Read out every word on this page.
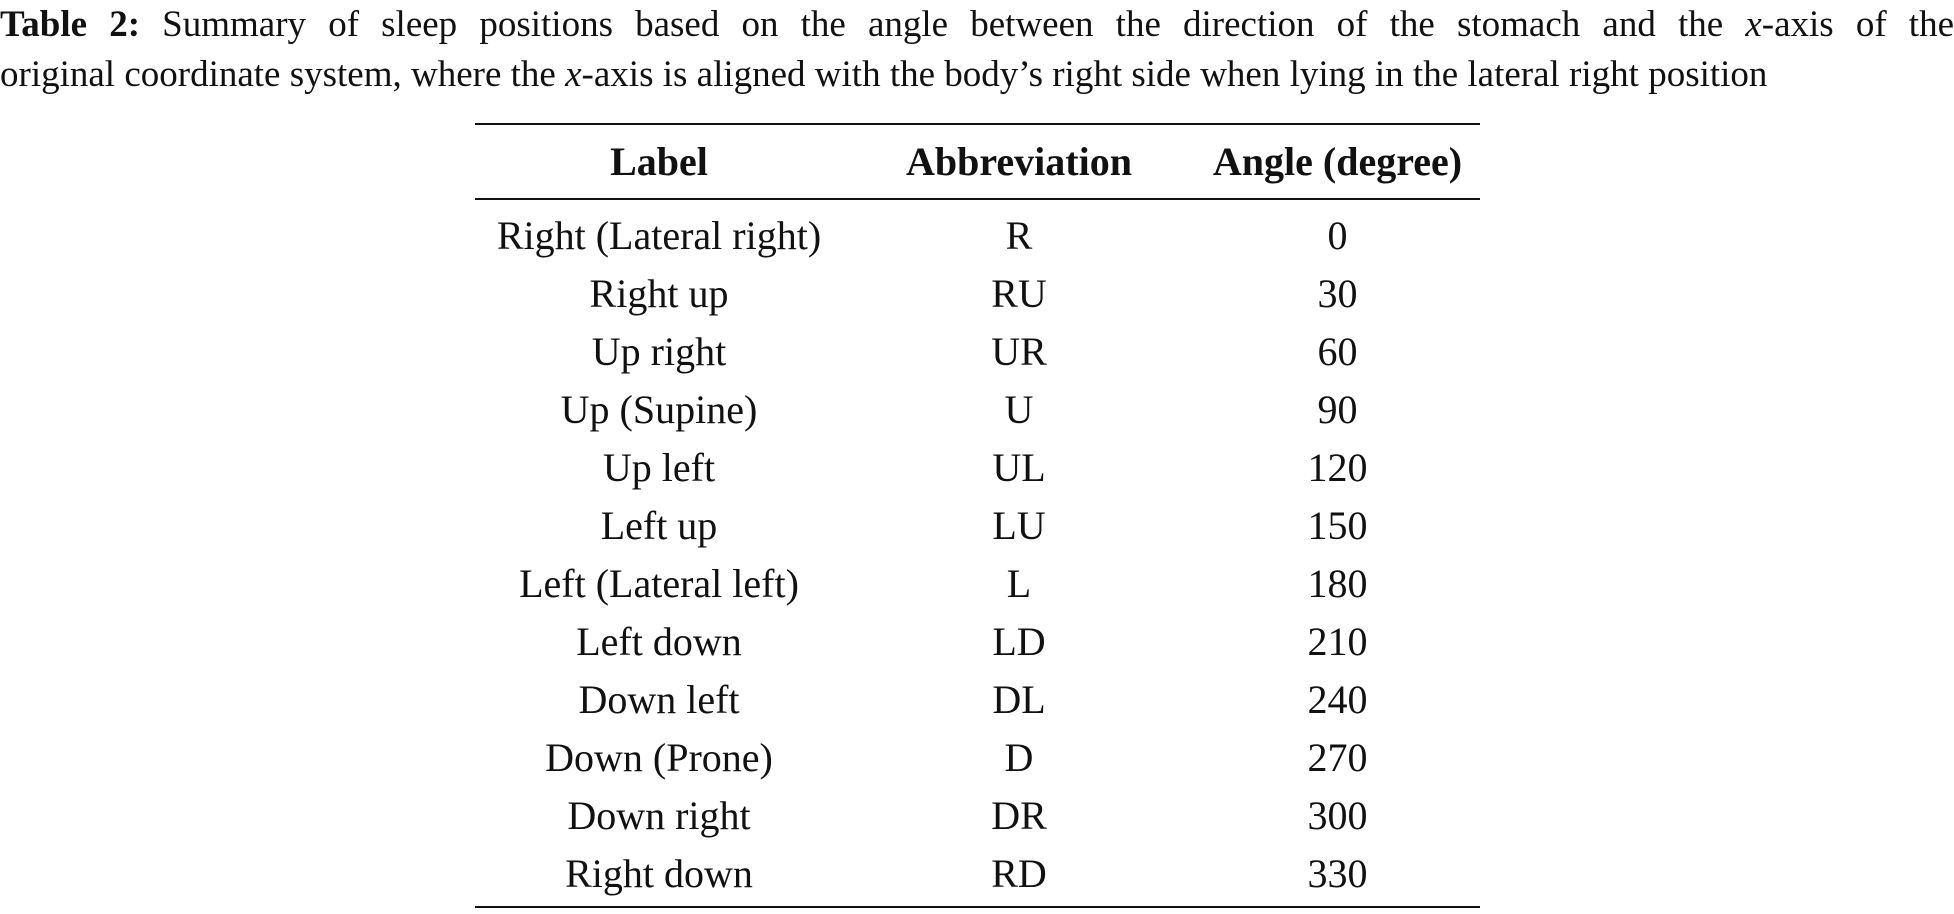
Table 2: Summary of sleep positions based on the angle between the direction of the stomach and the x-axis of the
original coordinate system, where the x-axis is aligned with the body’s right side when lying in the lateral right position
Label	Abbreviation	Angle (degree)
Right (Lateral right)	R	0
Right up	RU	30
Up right	UR	60
Up (Supine)	U	90
Up left	UL	120
Left up	LU	150
Left (Lateral left)	L	180
Left down	LD	210
Down left	DL	240
Down (Prone)	D	270
Down right	DR	300
Right down	RD	330
